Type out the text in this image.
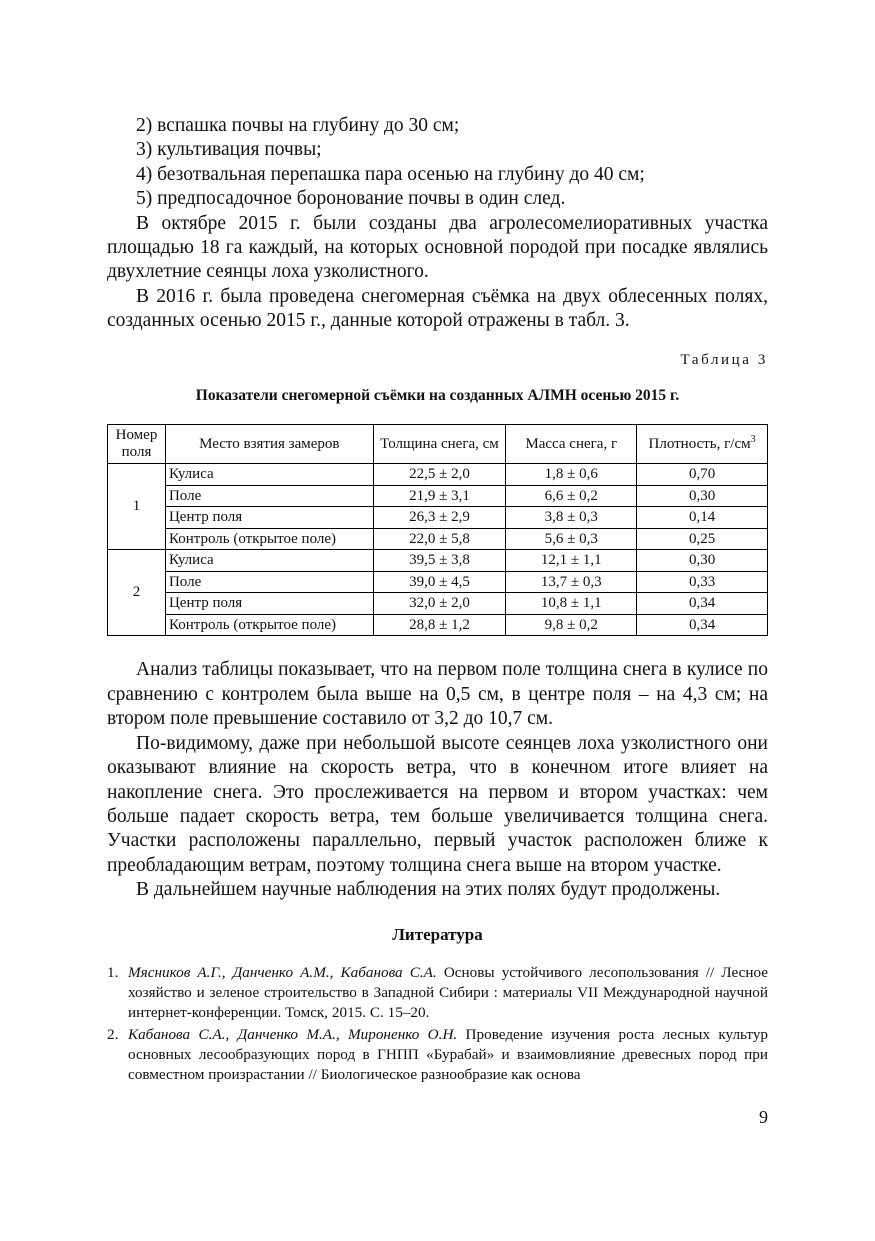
2) вспашка почвы на глубину до 30 см;

3) культивация почвы;

4) безотвальная перепашка пара осенью на глубину до 40 см;

5) предпосадочное боронование почвы в один след.

В октябре 2015 г. были созданы два агролесомелиоративных участка площадью 18 га каждый, на которых основной породой при посадке являлись двухлетние сеянцы лоха узколистного.

В 2016 г. была проведена снегомерная съёмка на двух облесенных полях, созданных осенью 2015 г., данные которой отражены в табл. 3.

Таблица 3

Показатели снегомерной съёмки на созданных АЛМН осенью 2015 г.

Номер поля	Место взятия замеров	Толщина снега, см	Масса снега, г	Плотность, $г/см^3$
1	Кулиса	22,5 ± 2,0	1,8 ± 0,6	0,70
	Поле	21,9 ± 3,1	6,6 ± 0,2	0,30
	Центр поля	26,3 ± 2,9	3,8 ± 0,3	0,14
	Контроль (открытое поле)	22,0 ± 5,8	5,6 ± 0,3	0,25
2	Кулиса	39,5 ± 3,8	12,1 ± 1,1	0,30
	Поле	39,0 ± 4,5	13,7 ± 0,3	0,33
	Центр поля	32,0 ± 2,0	10,8 ± 1,1	0,34
	Контроль (открытое поле)	28,8 ± 1,2	9,8 ± 0,2	0,34

Анализ таблицы показывает, что на первом поле толщина снега в кулисе по сравнению с контролем была выше на 0,5 см, в центре поля – на 4,3 см; на втором поле превышение составило от 3,2 до 10,7 см.

По-видимому, даже при небольшой высоте сеянцев лоха узколистного они оказывают влияние на скорость ветра, что в конечном итоге влияет на накопление снега. Это прослеживается на первом и втором участках: чем больше падает скорость ветра, тем больше увеличивается толщина снега. Участки расположены параллельно, первый участок расположен ближе к преобладающим ветрам, поэтому толщина снега выше на втором участке.

В дальнейшем научные наблюдения на этих полях будут продолжены.

Литература
1. Мясников А.Г., Данченко А.М., Кабанова С.А. Основы устойчивого лесопользования // Лесное хозяйство и зеленое строительство в Западной Сибири : материалы VII Международной научной интернет-конференции. Томск, 2015. С. 15–20.
2. Кабанова С.А., Данченко М.А., Мироненко О.Н. Проведение изучения роста лесных культур основных лесообразующих пород в ГНПП «Бурабай» и взаимовлияние древесных пород при совместном произрастании // Биологическое разнообразие как основа
9
